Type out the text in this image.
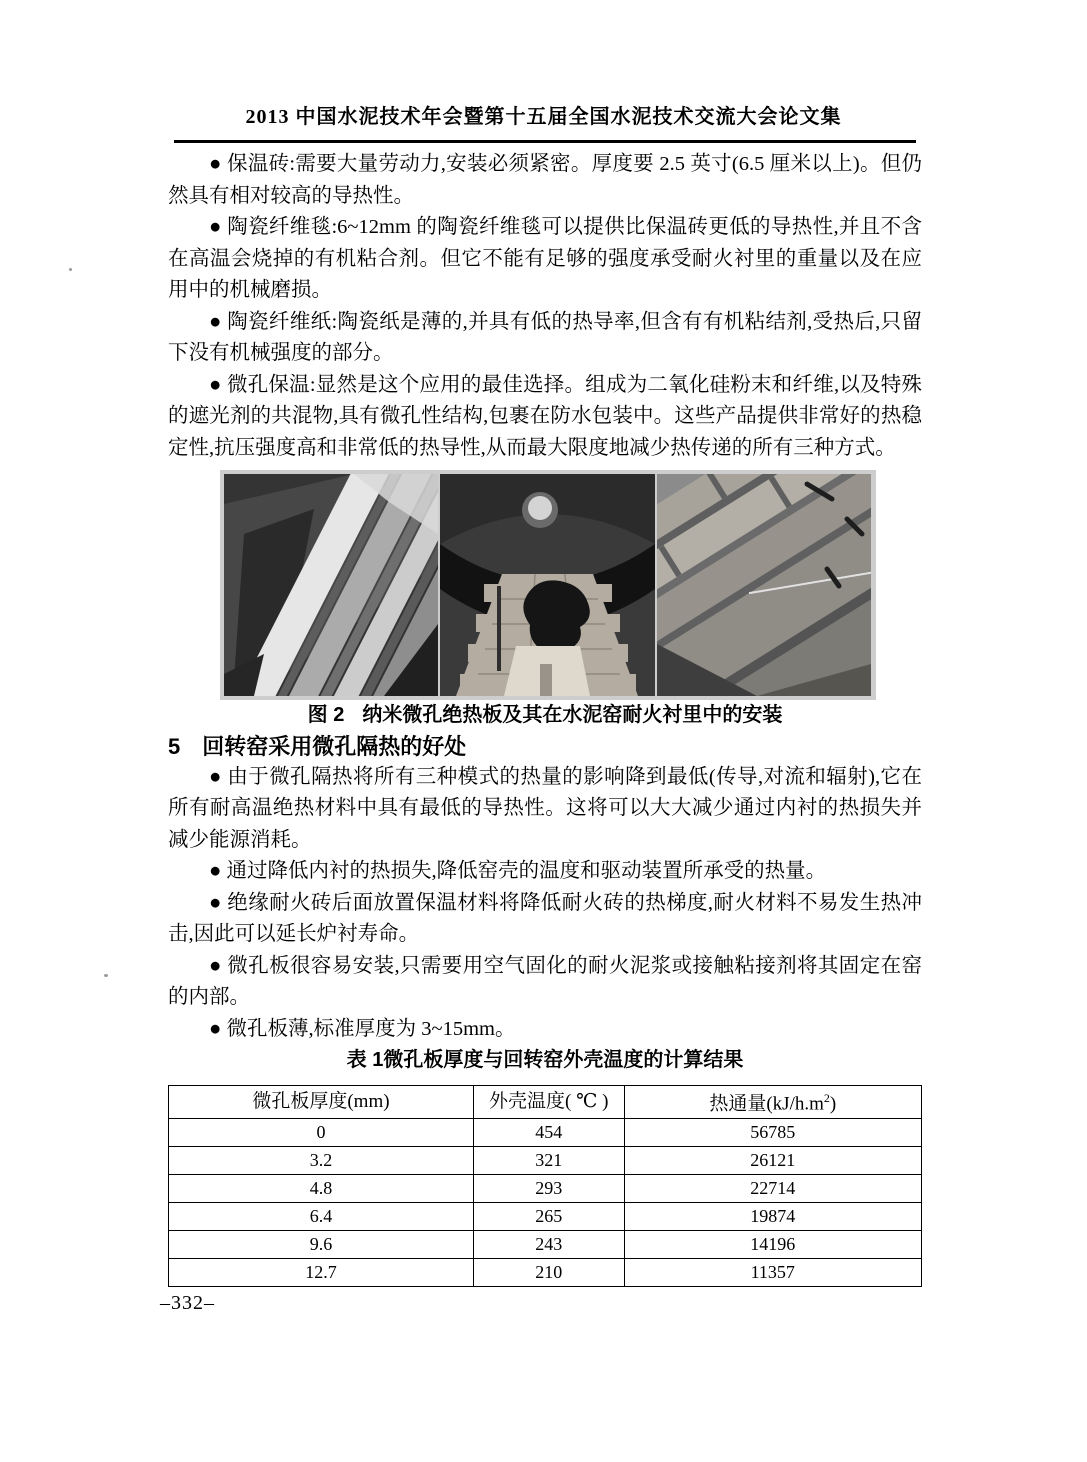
2013 中国水泥技术年会暨第十五届全国水泥技术交流大会论文集

● 保温砖:需要大量劳动力,安装必须紧密。厚度要 2.5 英寸(6.5 厘米以上)。但仍然具有相对较高的导热性。

● 陶瓷纤维毯:6~12mm 的陶瓷纤维毯可以提供比保温砖更低的导热性,并且不含在高温会烧掉的有机粘合剂。但它不能有足够的强度承受耐火衬里的重量以及在应用中的机械磨损。

● 陶瓷纤维纸:陶瓷纸是薄的,并具有低的热导率,但含有有机粘结剂,受热后,只留下没有机械强度的部分。

● 微孔保温:显然是这个应用的最佳选择。组成为二氧化硅粉末和纤维,以及特殊的遮光剂的共混物,具有微孔性结构,包裹在防水包装中。这些产品提供非常好的热稳定性,抗压强度高和非常低的热导性,从而最大限度地减少热传递的所有三种方式。

图 2 纳米微孔绝热板及其在水泥窑耐火衬里中的安装

5 回转窑采用微孔隔热的好处

● 由于微孔隔热将所有三种模式的热量的影响降到最低(传导,对流和辐射),它在所有耐高温绝热材料中具有最低的导热性。这将可以大大减少通过内衬的热损失并减少能源消耗。

● 通过降低内衬的热损失,降低窑壳的温度和驱动装置所承受的热量。

● 绝缘耐火砖后面放置保温材料将降低耐火砖的热梯度,耐火材料不易发生热冲击,因此可以延长炉衬寿命。

● 微孔板很容易安装,只需要用空气固化的耐火泥浆或接触粘接剂将其固定在窑的内部。

● 微孔板薄,标准厚度为 3~15mm。

表 1微孔板厚度与回转窑外壳温度的计算结果

微孔板厚度(mm)	外壳温度( ℃ )	热通量$(kJ/h.m^2)$
0	454	56785
3.2	321	26121
4.8	293	22714
6.4	265	19874
9.6	243	14196
12.7	210	11357
–332–
